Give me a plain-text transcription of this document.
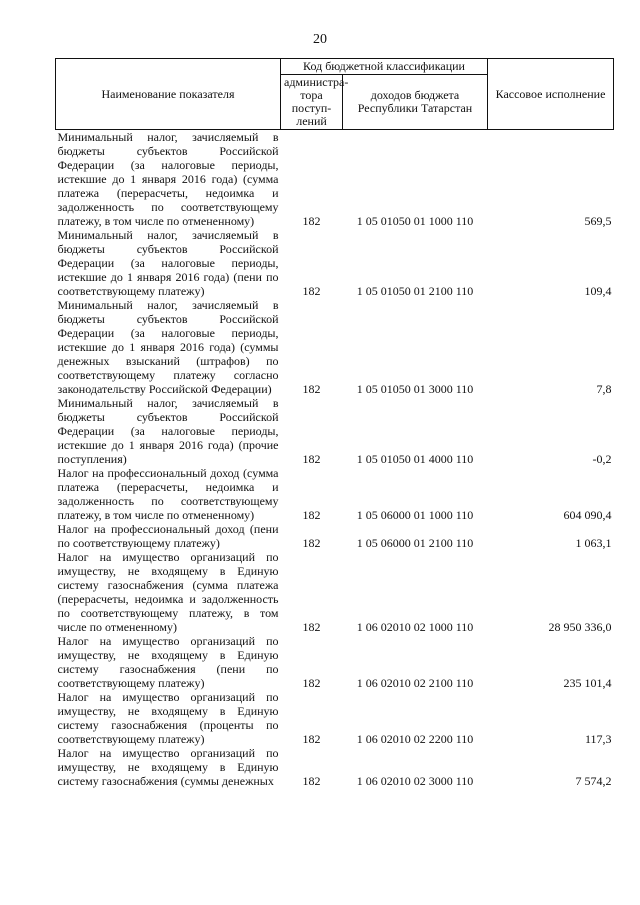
20
Наименование показателя	Код бюджетной классификации		Кассовое исполнение
	администра-тора поступ-лений	доходов бюджета Республики Татарстан	
Минимальный налог, зачисляемый в бюджеты субъектов Российской Федерации (за налоговые периоды, истекшие до 1 января 2016 года) (сумма платежа (перерасчеты, недоимка и задолженность по соответствующему платежу, в том числе по отмененному)	182	1 05 01050 01 1000 110	569,5
Минимальный налог, зачисляемый в бюджеты субъектов Российской Федерации (за налоговые периоды, истекшие до 1 января 2016 года) (пени по соответствующему платежу)	182	1 05 01050 01 2100 110	109,4
Минимальный налог, зачисляемый в бюджеты субъектов Российской Федерации (за налоговые периоды, истекшие до 1 января 2016 года) (суммы денежных взысканий (штрафов) по соответствующему платежу согласно законодательству Российской Федерации)	182	1 05 01050 01 3000 110	7,8
Минимальный налог, зачисляемый в бюджеты субъектов Российской Федерации (за налоговые периоды, истекшие до 1 января 2016 года) (прочие поступления)	182	1 05 01050 01 4000 110	-0,2
Налог на профессиональный доход (сумма платежа (перерасчеты, недоимка и задолженность по соответствующему платежу, в том числе по отмененному)	182	1 05 06000 01 1000 110	604 090,4
Налог на профессиональный доход (пени по соответствующему платежу)	182	1 05 06000 01 2100 110	1 063,1
Налог на имущество организаций по имуществу, не входящему в Единую систему газоснабжения (сумма платежа (перерасчеты, недоимка и задолженность по соответствующему платежу, в том числе по отмененному)	182	1 06 02010 02 1000 110	28 950 336,0
Налог на имущество организаций по имуществу, не входящему в Единую систему газоснабжения (пени по соответствующему платежу)	182	1 06 02010 02 2100 110	235 101,4
Налог на имущество организаций по имуществу, не входящему в Единую систему газоснабжения (проценты по соответствующему платежу)	182	1 06 02010 02 2200 110	117,3
Налог на имущество организаций по имуществу, не входящему в Единую систему газоснабжения (суммы денежных	182	1 06 02010 02 3000 110	7 574,2
